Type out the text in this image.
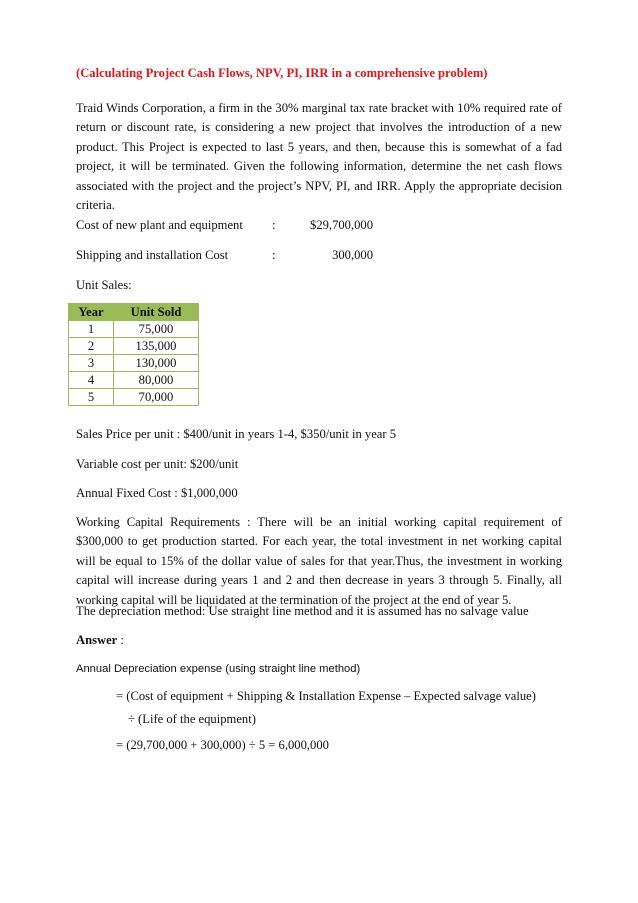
(Calculating Project Cash Flows, NPV, PI, IRR in a comprehensive problem)
Traid Winds Corporation, a firm in the 30% marginal tax rate bracket with 10% required rate of return or discount rate, is considering a new project that involves the introduction of a new product. This Project is expected to last 5 years, and then, because this is somewhat of a fad project, it will be terminated. Given the following information, determine the net cash flows associated with the project and the project’s NPV, PI, and IRR. Apply the appropriate decision criteria.
Cost of new plant and equipment :	$29,700,000
Shipping and installation Cost	:	300,000
Unit Sales:
Year	Unit Sold
1	75,000
2	135,000
3	130,000
4	80,000
5	70,000
Sales Price per unit : $400/unit in years 1-4, $350/unit in year 5
Variable cost per unit: $200/unit
Annual Fixed Cost : $1,000,000
Working Capital Requirements : There will be an initial working capital requirement of $300,000 to get production started. For each year, the total investment in net working capital will be equal to 15% of the dollar value of sales for that year.Thus, the investment in working capital will increase during years 1 and 2 and then decrease in years 3 through 5. Finally, all working capital will be liquidated at the termination of the project at the end of year 5.
The depreciation method: Use straight line method and it is assumed has no salvage value
Answer :
Annual Depreciation expense (using straight line method)
= (Cost of equipment + Shipping & Installation Expense – Expected salvage value)
÷ (Life of the equipment)
= (29,700,000 + 300,000) ÷ 5 = 6,000,000
